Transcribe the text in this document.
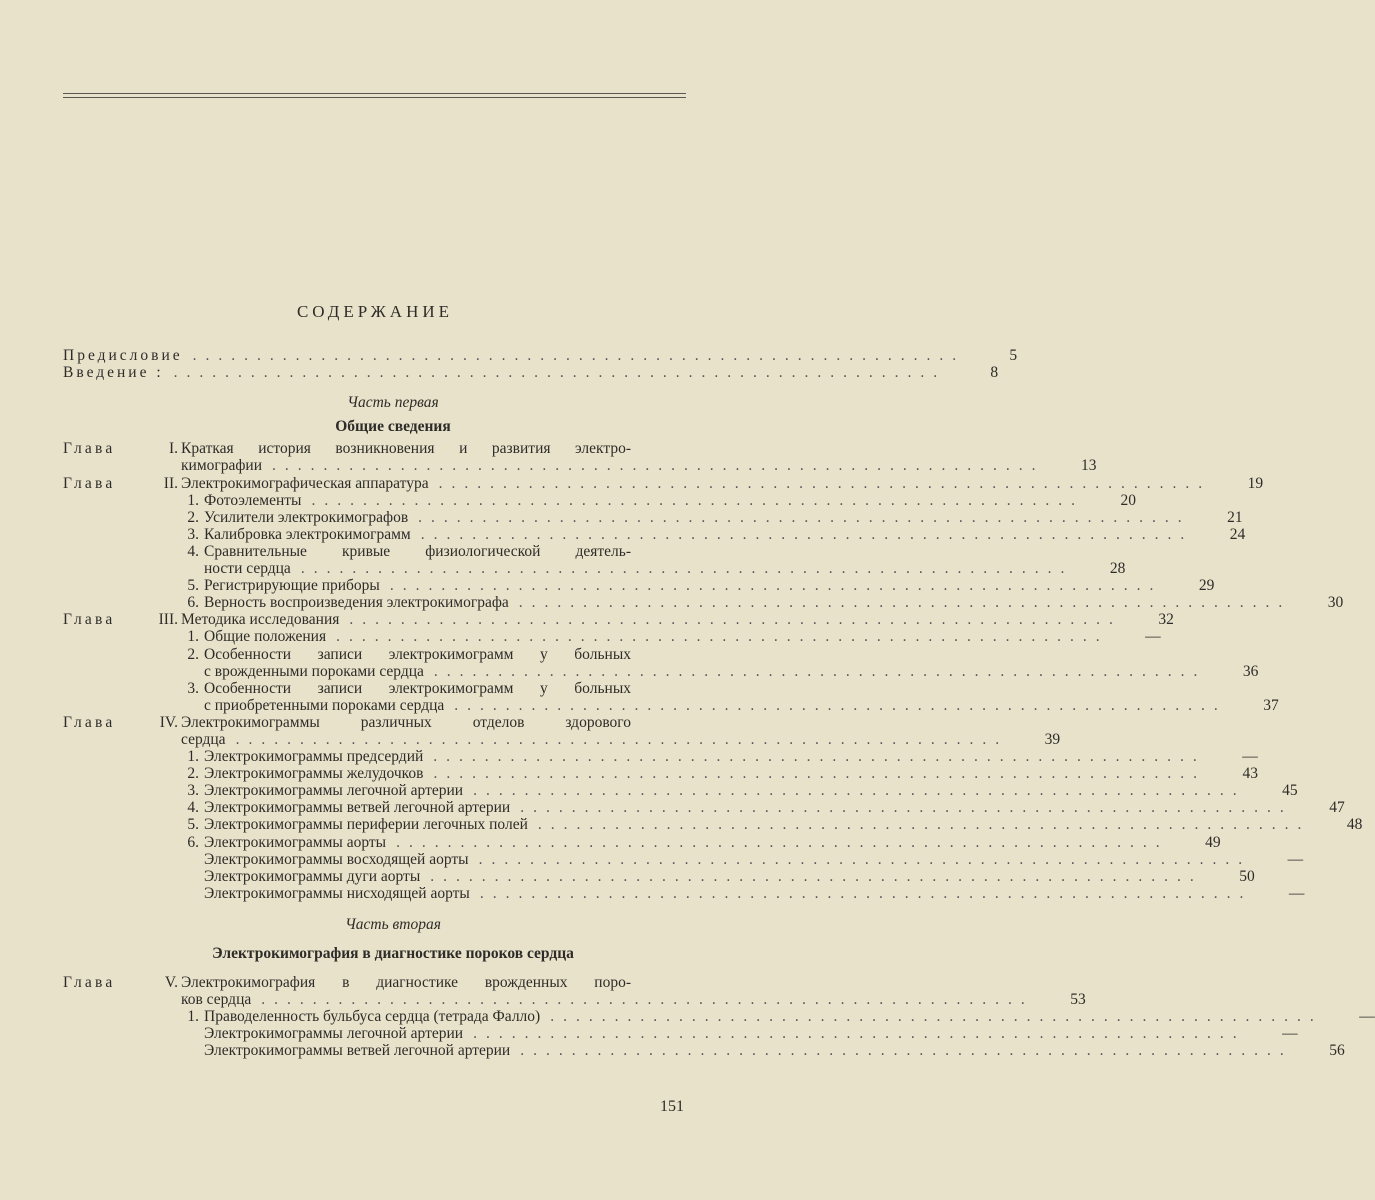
СОДЕРЖАНИЕ
Предисловие ............................................................	5
Введение : ............................................................	8
Часть первая
Общие сведения
Глава	I. Краткая история возникновения и развития электро-
кимографии ............................................................	13
Глава	II. Электрокимографическая аппаратура ............................................................	19
1. Фотоэлементы ............................................................	20
2. Усилители электрокимографов ............................................................	21
3. Калибровка электрокимограмм ............................................................	24
4. Сравнительные кривые физиологической деятель-
ности сердца ............................................................	28
5. Регистрирующие приборы ............................................................	29
6. Верность воспроизведения электрокимографа ............................................................	30
Глава	III. Методика исследования ............................................................	32
1. Общие положения ............................................................	—
2. Особенности записи электрокимограмм у больных
с врожденными пороками сердца ............................................................	36
3. Особенности записи электрокимограмм у больных
с приобретенными пороками сердца ............................................................	37
Глава	IV. Электрокимограммы различных отделов здорового
сердца ............................................................	39
1. Электрокимограммы предсердий ............................................................	—
2. Электрокимограммы желудочков ............................................................	43
3. Электрокимограммы легочной артерии ............................................................	45
4. Электрокимограммы ветвей легочной артерии ............................................................	47
5. Электрокимограммы периферии легочных полей ............................................................	48
6. Электрокимограммы аорты ............................................................	49
Электрокимограммы восходящей аорты ............................................................	—
Электрокимограммы дуги аорты ............................................................	50
Электрокимограммы нисходящей аорты ............................................................	—
Часть вторая
Электрокимография в диагностике пороков сердца
Глава	V. Электрокимография в диагностике врожденных поро-
ков сердца ............................................................	53
1. Праводеленность бульбуса сердца (тетрада Фалло) ............................................................	—
Электрокимограммы легочной артерии ............................................................	—
Электрокимограммы ветвей легочной артерии ............................................................	56
151
